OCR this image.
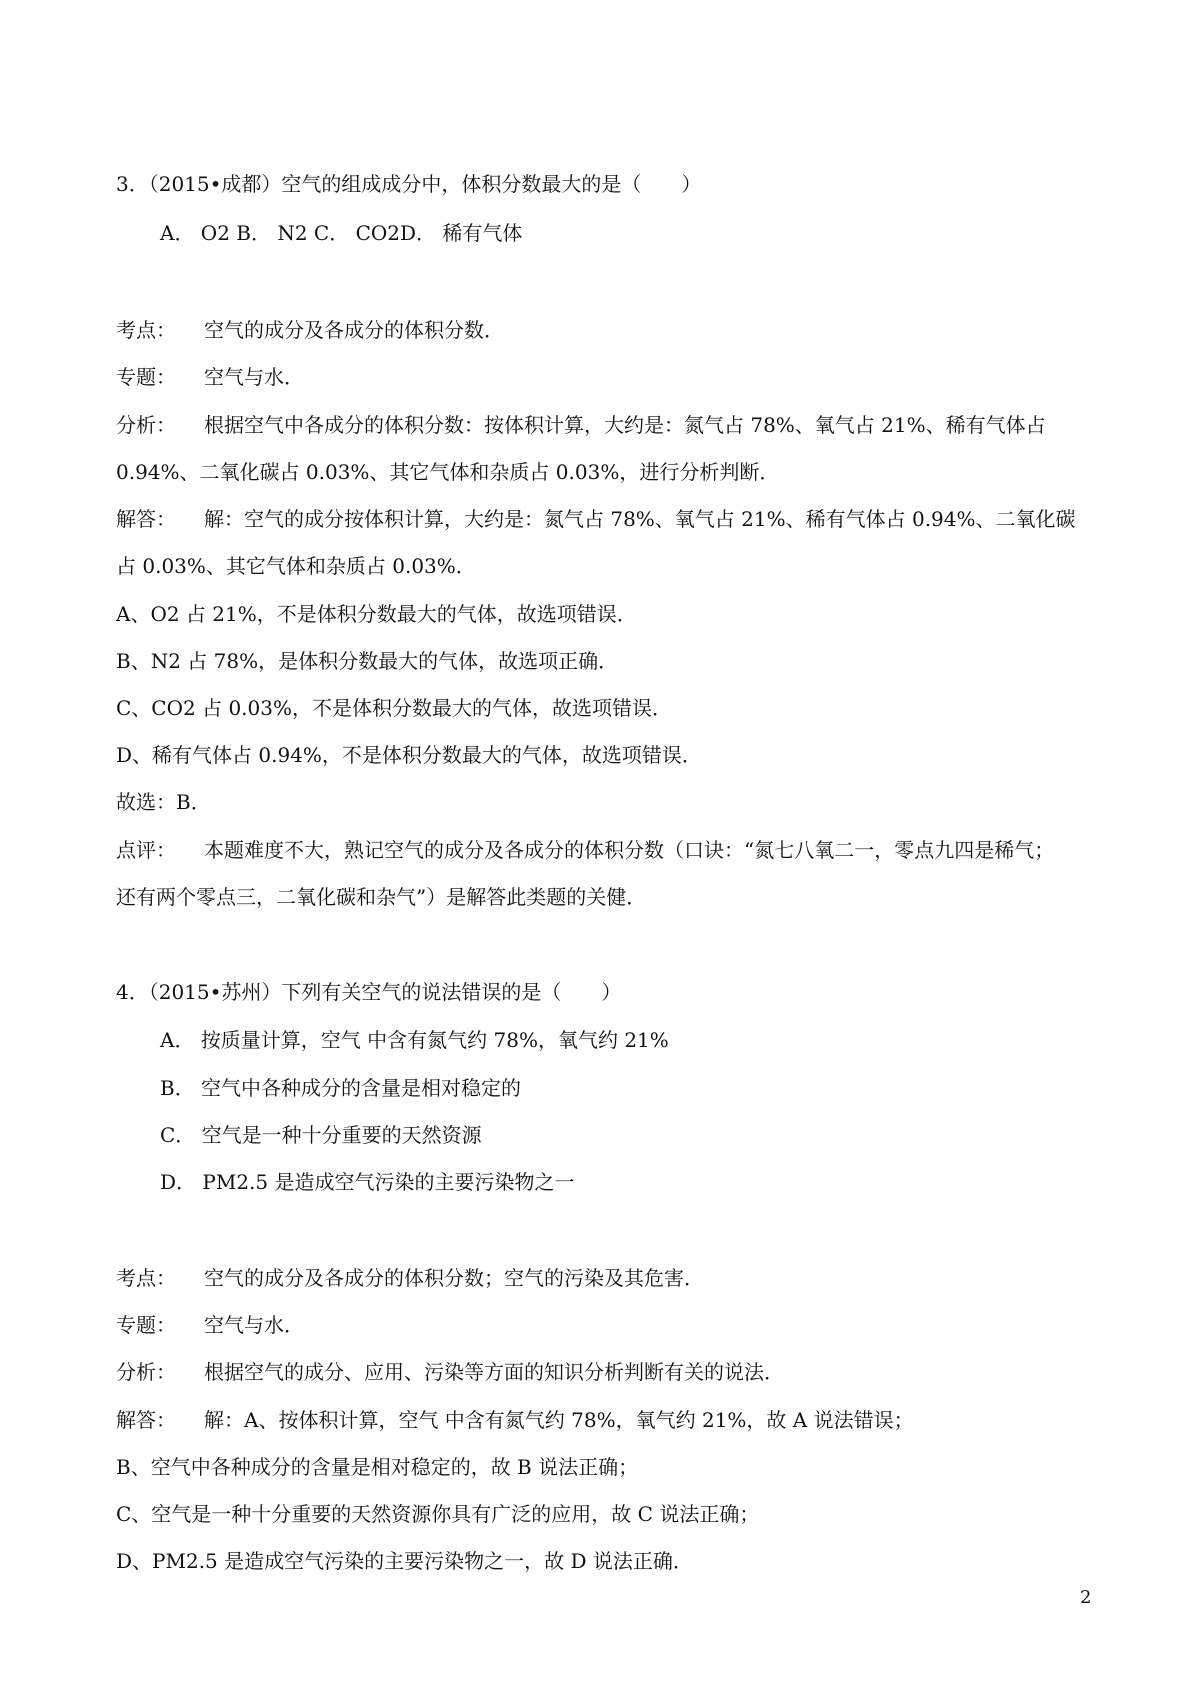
3．（2015•成都）空气的组成成分中，体积分数最大的是（　　）
A． O2 B． N2 C． CO2D． 稀有气体
考点： 空气的成分及各成分的体积分数．
专题： 空气与水．
分析： 根据空气中各成分的体积分数：按体积计算，大约是：氮气占 78%、氧气占 21%、稀有气体占
0.94%、二氧化碳占 0.03%、其它气体和杂质占 0.03%，进行分析判断．
解答： 解：空气的成分按体积计算，大约是：氮气占 78%、氧气占 21%、稀有气体占 0.94%、二氧化碳
占 0.03%、其它气体和杂质占 0.03%．
A、O2 占 21%，不是体积分数最大的气体，故选项错误．
B、N2 占 78%，是体积分数最大的气体，故选项正确．
C、CO2 占 0.03%，不是体积分数最大的气体，故选项错误．
D、稀有气体占 0.94%，不是体积分数最大的气体，故选项错误．
故选：B．
点评： 本题难度不大，熟记空气的成分及各成分的体积分数（口诀：“氮七八氧二一，零点九四是稀气；
还有两个零点三，二氧化碳和杂气”）是解答此类题的关健．
4．（2015•苏州）下列有关空气的说法错误的是（　　）
A． 按质量计算，空气 中含有氮气约 78%，氧气约 21%
B． 空气中各种成分的含量是相对稳定的
C． 空气是一种十分重要的天然资源
D． PM2.5 是造成空气污染的主要污染物之一
考点： 空气的成分及各成分的体积分数；空气的污染及其危害．
专题： 空气与水．
分析： 根据空气的成分、应用、污染等方面的知识分析判断有关的说法．
解答： 解：A、按体积计算，空气 中含有氮气约 78%，氧气约 21%，故 A 说法错误；
B、空气中各种成分的含量是相对稳定的，故 B 说法正确；
C、空气是一种十分重要的天然资源你具有广泛的应用，故 C 说法正确；
D、PM2.5 是造成空气污染的主要污染物之一，故 D 说法正确．
2
